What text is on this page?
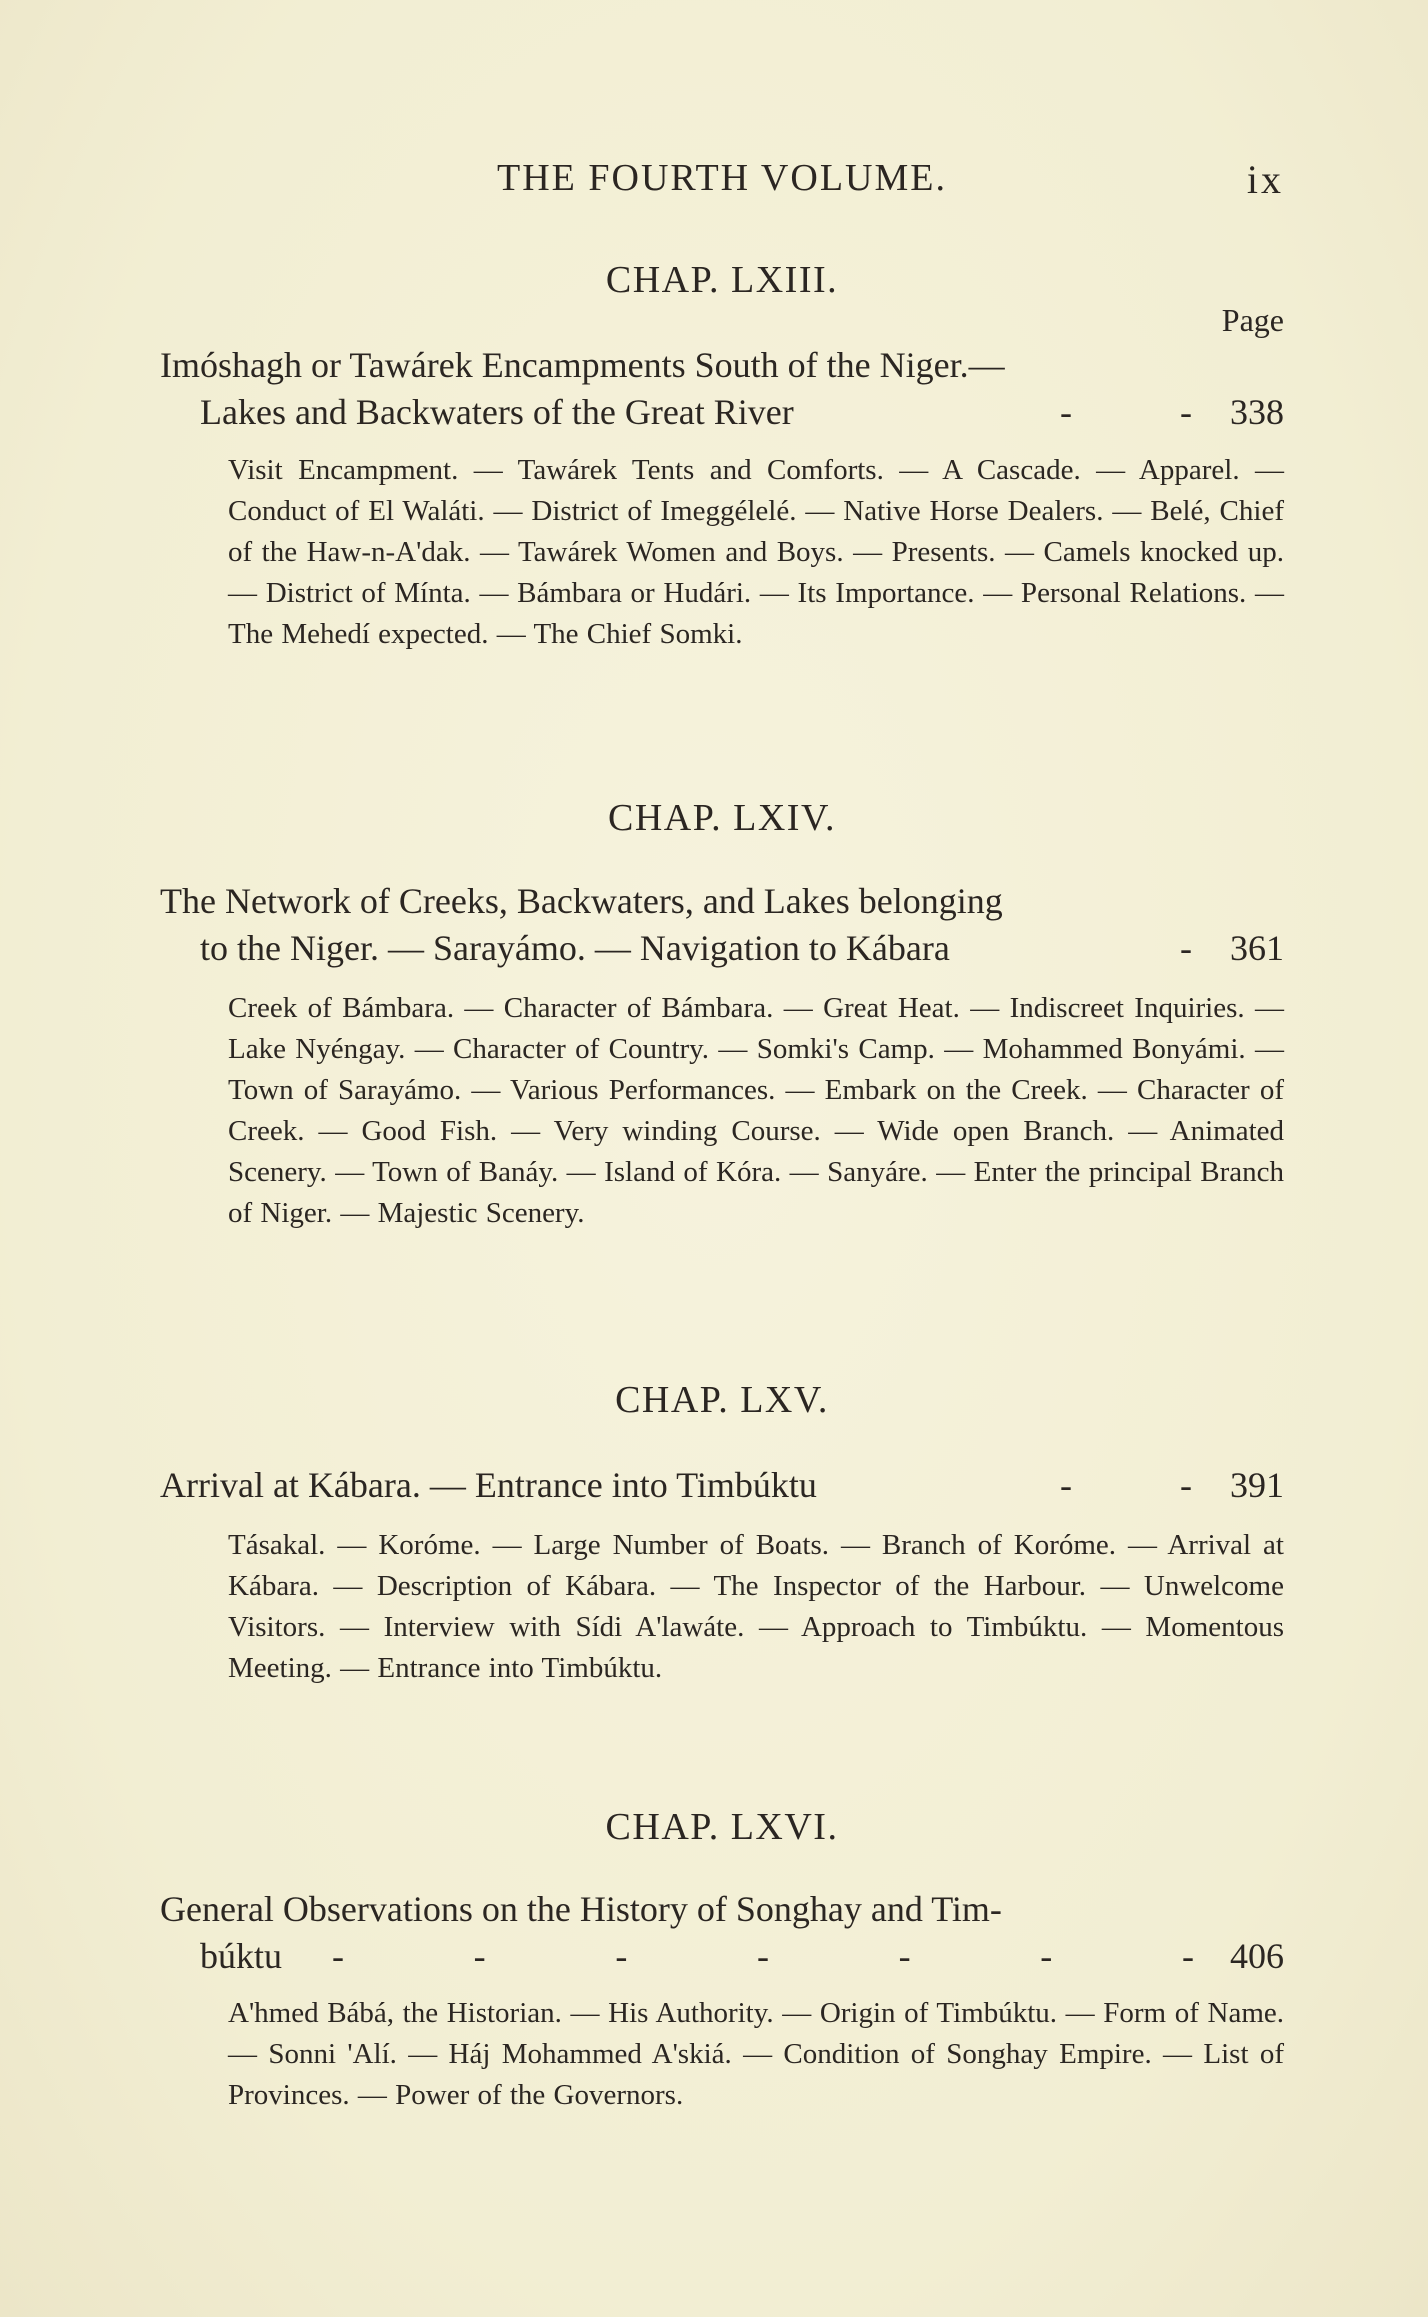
THE FOURTH VOLUME.	ix
CHAP. LXIII.
Page
Imóshagh or Tawárek Encampments South of the Niger.—
Lakes and Backwaters of the Great River	-        - 338
Visit Encampment. — Tawárek Tents and Comforts. — A Cascade. — Apparel. — Conduct of El Waláti. — District of Imeggélelé. — Native Horse Dealers. — Belé, Chief of the Haw-n-A'dak. — Tawárek Women and Boys. — Presents. — Camels knocked up. — District of Mínta. — Bámbara or Hudári. — Its Importance. — Personal Relations. — The Mehedí expected. — The Chief Somki.
CHAP. LXIV.
The Network of Creeks, Backwaters, and Lakes belonging
to the Niger. — Sarayámo. — Navigation to Kábara	- 361
Creek of Bámbara. — Character of Bámbara. — Great Heat. — Indiscreet Inquiries. — Lake Nyéngay. — Character of Country. — Somki's Camp. — Mohammed Bonyámi. — Town of Sarayámo. — Various Performances. — Embark on the Creek. — Character of Creek. — Good Fish. — Very winding Course. — Wide open Branch. — Animated Scenery. — Town of Banáy. — Island of Kóra. — Sanyáre. — Enter the principal Branch of Niger. — Majestic Scenery.
CHAP. LXV.
Arrival at Kábara. — Entrance into Timbúktu	-        - 391
Tásakal. — Koróme. — Large Number of Boats. — Branch of Koróme. — Arrival at Kábara. — Description of Kábara. — The Inspector of the Harbour. — Unwelcome Visitors. — Interview with Sídi A'lawáte. — Approach to Timbúktu. — Momentous Meeting. — Entrance into Timbúktu.
CHAP. LXVI.
General Observations on the History of Songhay and Tim-
búktu -	-	-	-	-	-	- 406
A'hmed Bábá, the Historian. — His Authority. — Origin of Timbúktu. — Form of Name. — Sonni 'Alí. — Háj Mohammed A'skiá. — Condition of Songhay Empire. — List of Provinces. — Power of the Governors.
